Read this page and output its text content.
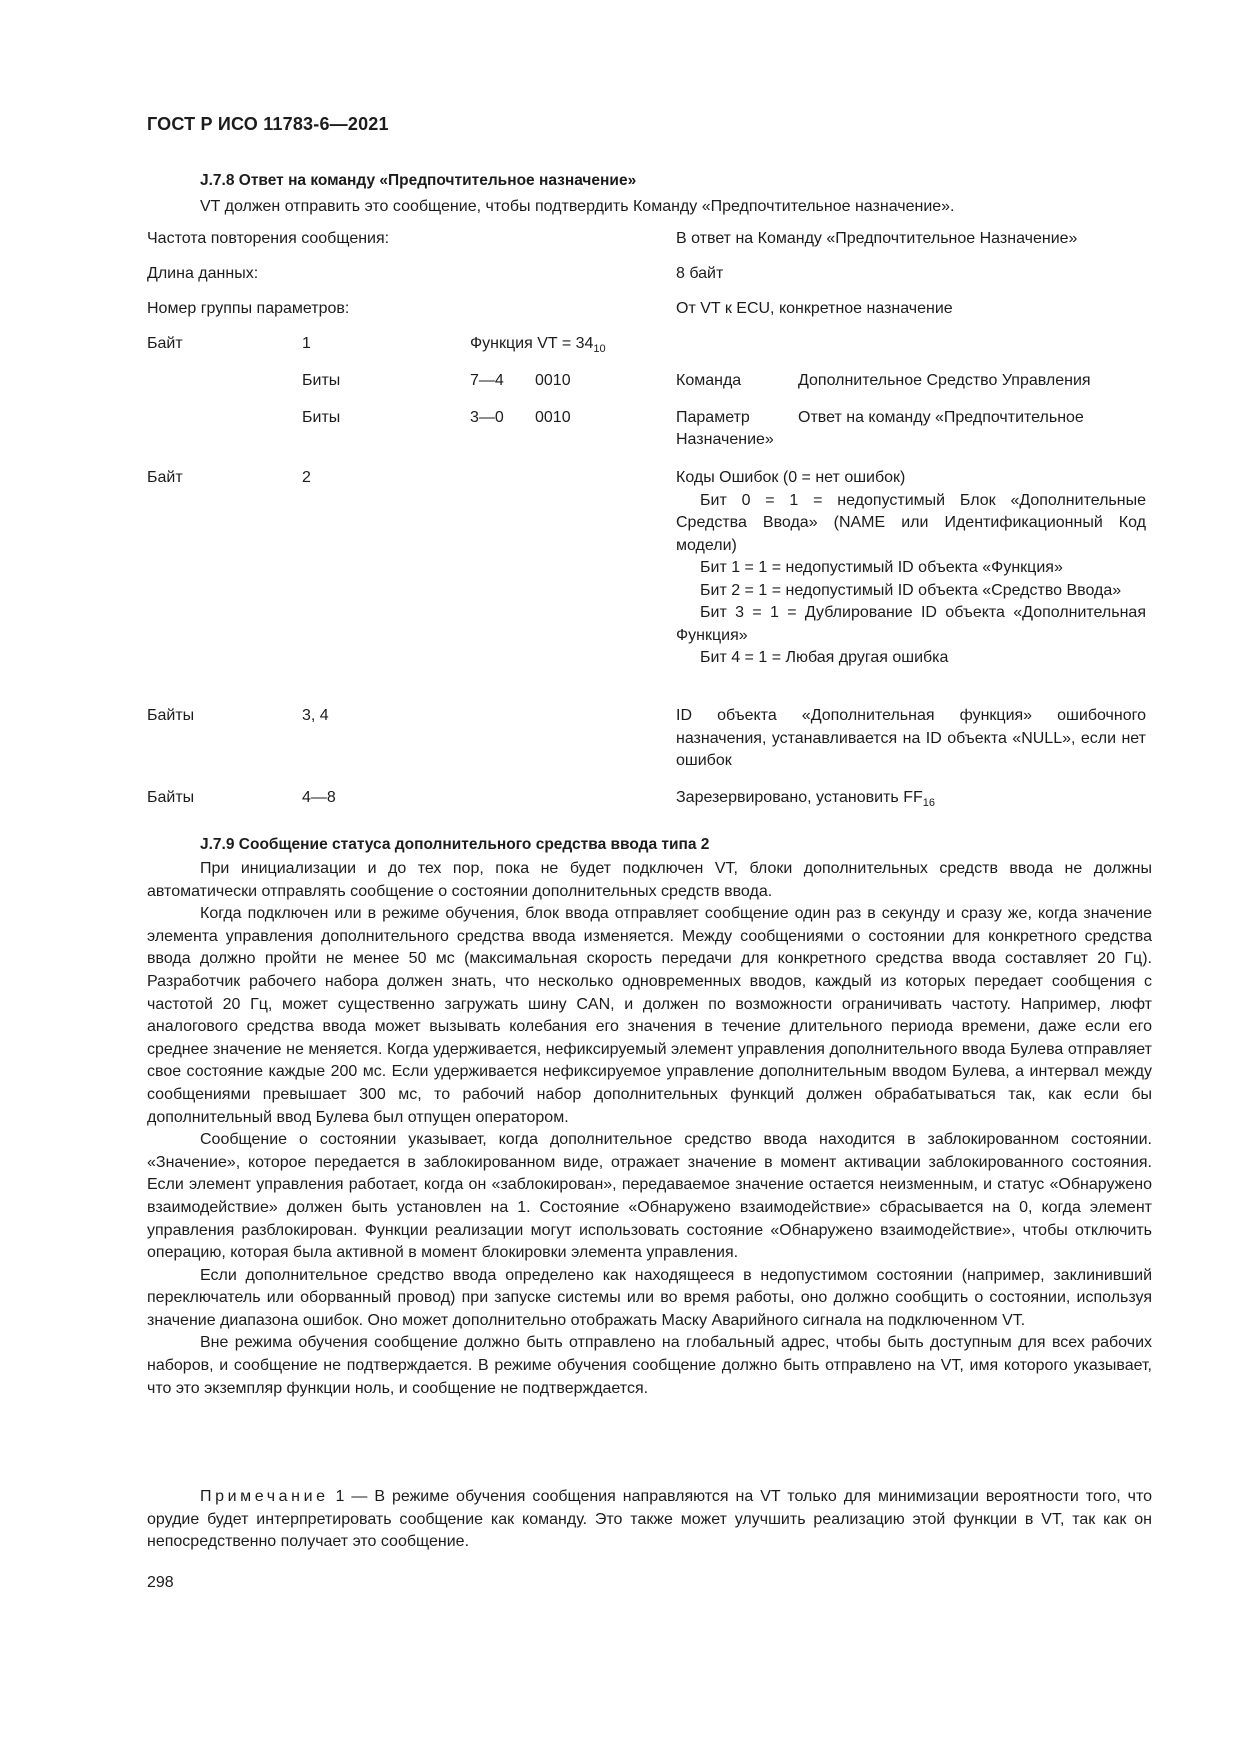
ГОСТ Р ИСО 11783-6—2021
J.7.8 Ответ на команду «Предпочтительное назначение»
VT должен отправить это сообщение, чтобы подтвердить Команду «Предпочтительное назначение».
Частота повторения сообщения:	В ответ на Команду «Предпочтительное Назначение»
Длина данных:	8 байт
Номер группы параметров:	От VT к ECU, конкретное назначение
Байт	1	Функция VT = $34_{10}$
Биты	7—4 0010	Команда	Дополнительное Средство Управления
Биты	3—0 0010	Параметр	Ответ на команду «Предпочтительное
Назначение»
Байт	2	Коды Ошибок (0 = нет ошибок)
Бит 0 = 1 = недопустимый Блок «Дополнительные Средства Ввода» (NAME или Идентификационный Код модели)
Бит 1 = 1 = недопустимый ID объекта «Функция»
Бит 2 = 1 = недопустимый ID объекта «Средство Ввода»
Бит 3 = 1 = Дублирование ID объекта «Дополнительная Функция»
Бит 4 = 1 = Любая другая ошибка
Байты	3, 4	ID объекта «Дополнительная функция» ошибочного назначения, устанавливается на ID объекта «NULL», если нет ошибок
Байты	4—8	Зарезервировано, установить $FF_{16}$
J.7.9 Сообщение статуса дополнительного средства ввода типа 2

При инициализации и до тех пор, пока не будет подключен VT, блоки дополнительных средств ввода не должны автоматически отправлять сообщение о состоянии дополнительных средств ввода.

Когда подключен или в режиме обучения, блок ввода отправляет сообщение один раз в секунду и сразу же, когда значение элемента управления дополнительного средства ввода изменяется. Между сообщениями о состоянии для конкретного средства ввода должно пройти не менее 50 мс (максимальная скорость передачи для конкретного средства ввода составляет 20 Гц). Разработчик рабочего набора должен знать, что несколько одновременных вводов, каждый из которых передает сообщения с частотой 20 Гц, может существенно загружать шину CAN, и должен по возможности ограничивать частоту. Например, люфт аналогового средства ввода может вызывать колебания его значения в течение длительного периода времени, даже если его среднее значение не меняется. Когда удерживается, нефиксируемый элемент управления дополнительного ввода Булева отправляет свое состояние каждые 200 мс. Если удерживается нефиксируемое управление дополнительным вводом Булева, а интервал между сообщениями превышает 300 мс, то рабочий набор дополнительных функций должен обрабатываться так, как если бы дополнительный ввод Булева был отпущен оператором.

Сообщение о состоянии указывает, когда дополнительное средство ввода находится в заблокированном состоянии. «Значение», которое передается в заблокированном виде, отражает значение в момент активации заблокированного состояния. Если элемент управления работает, когда он «заблокирован», передаваемое значение остается неизменным, и статус «Обнаружено взаимодействие» должен быть установлен на 1. Состояние «Обнаружено взаимодействие» сбрасывается на 0, когда элемент управления разблокирован. Функции реализации могут использовать состояние «Обнаружено взаимодействие», чтобы отключить операцию, которая была активной в момент блокировки элемента управления.

Если дополнительное средство ввода определено как находящееся в недопустимом состоянии (например, заклинивший переключатель или оборванный провод) при запуске системы или во время работы, оно должно сообщить о состоянии, используя значение диапазона ошибок. Оно может дополнительно отображать Маску Аварийного сигнала на подключенном VT.

Вне режима обучения сообщение должно быть отправлено на глобальный адрес, чтобы быть доступным для всех рабочих наборов, и сообщение не подтверждается. В режиме обучения сообщение должно быть отправлено на VT, имя которого указывает, что это экземпляр функции ноль, и сообщение не подтверждается.

Примечание 1 — В режиме обучения сообщения направляются на VT только для минимизации вероятности того, что орудие будет интерпретировать сообщение как команду. Это также может улучшить реализацию этой функции в VT, так как он непосредственно получает это сообщение.
298
